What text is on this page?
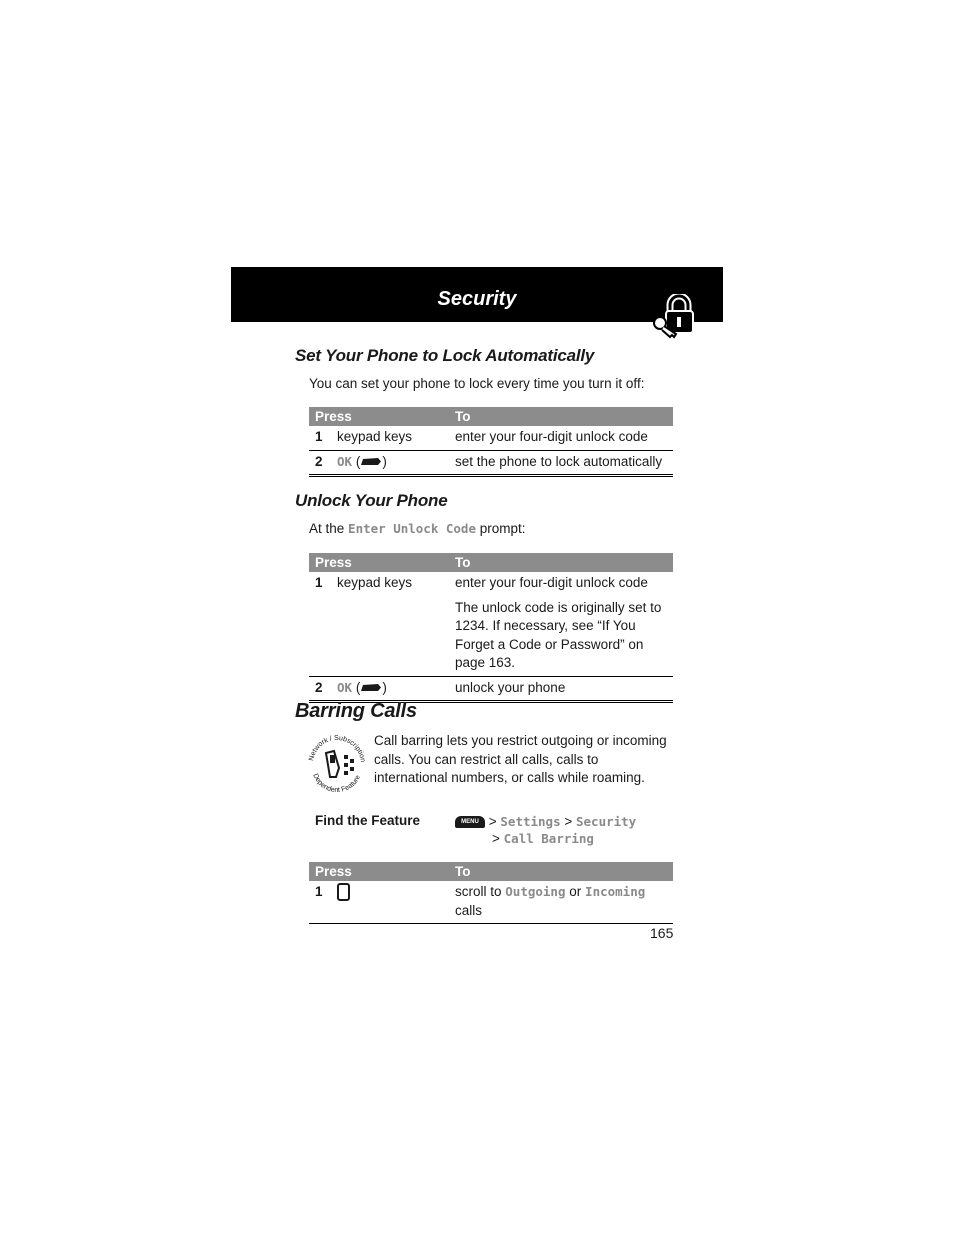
Security
Set Your Phone to Lock Automatically
You can set your phone to lock every time you turn it off:
Press		To
1	keypad keys	enter your four-digit unlock code
2	OK ( )	set the phone to lock automatically
Unlock Your Phone
At the Enter Unlock Code prompt:
Press		To
1	keypad keys	enter your four-digit unlock code
The unlock code is originally set to 1234. If necessary, see “If You Forget a Code or Password” on page 163.

2	OK ( )	unlock your phone
Barring Calls
Network / Subscription
Dependent Feature
Call barring lets you restrict outgoing or incoming calls. You can restrict all calls, calls to international numbers, or calls while roaming.
Find the Feature	MENU > Settings > Security
> Call Barring
Press		To
1		scroll to Outgoing or Incoming calls
165
